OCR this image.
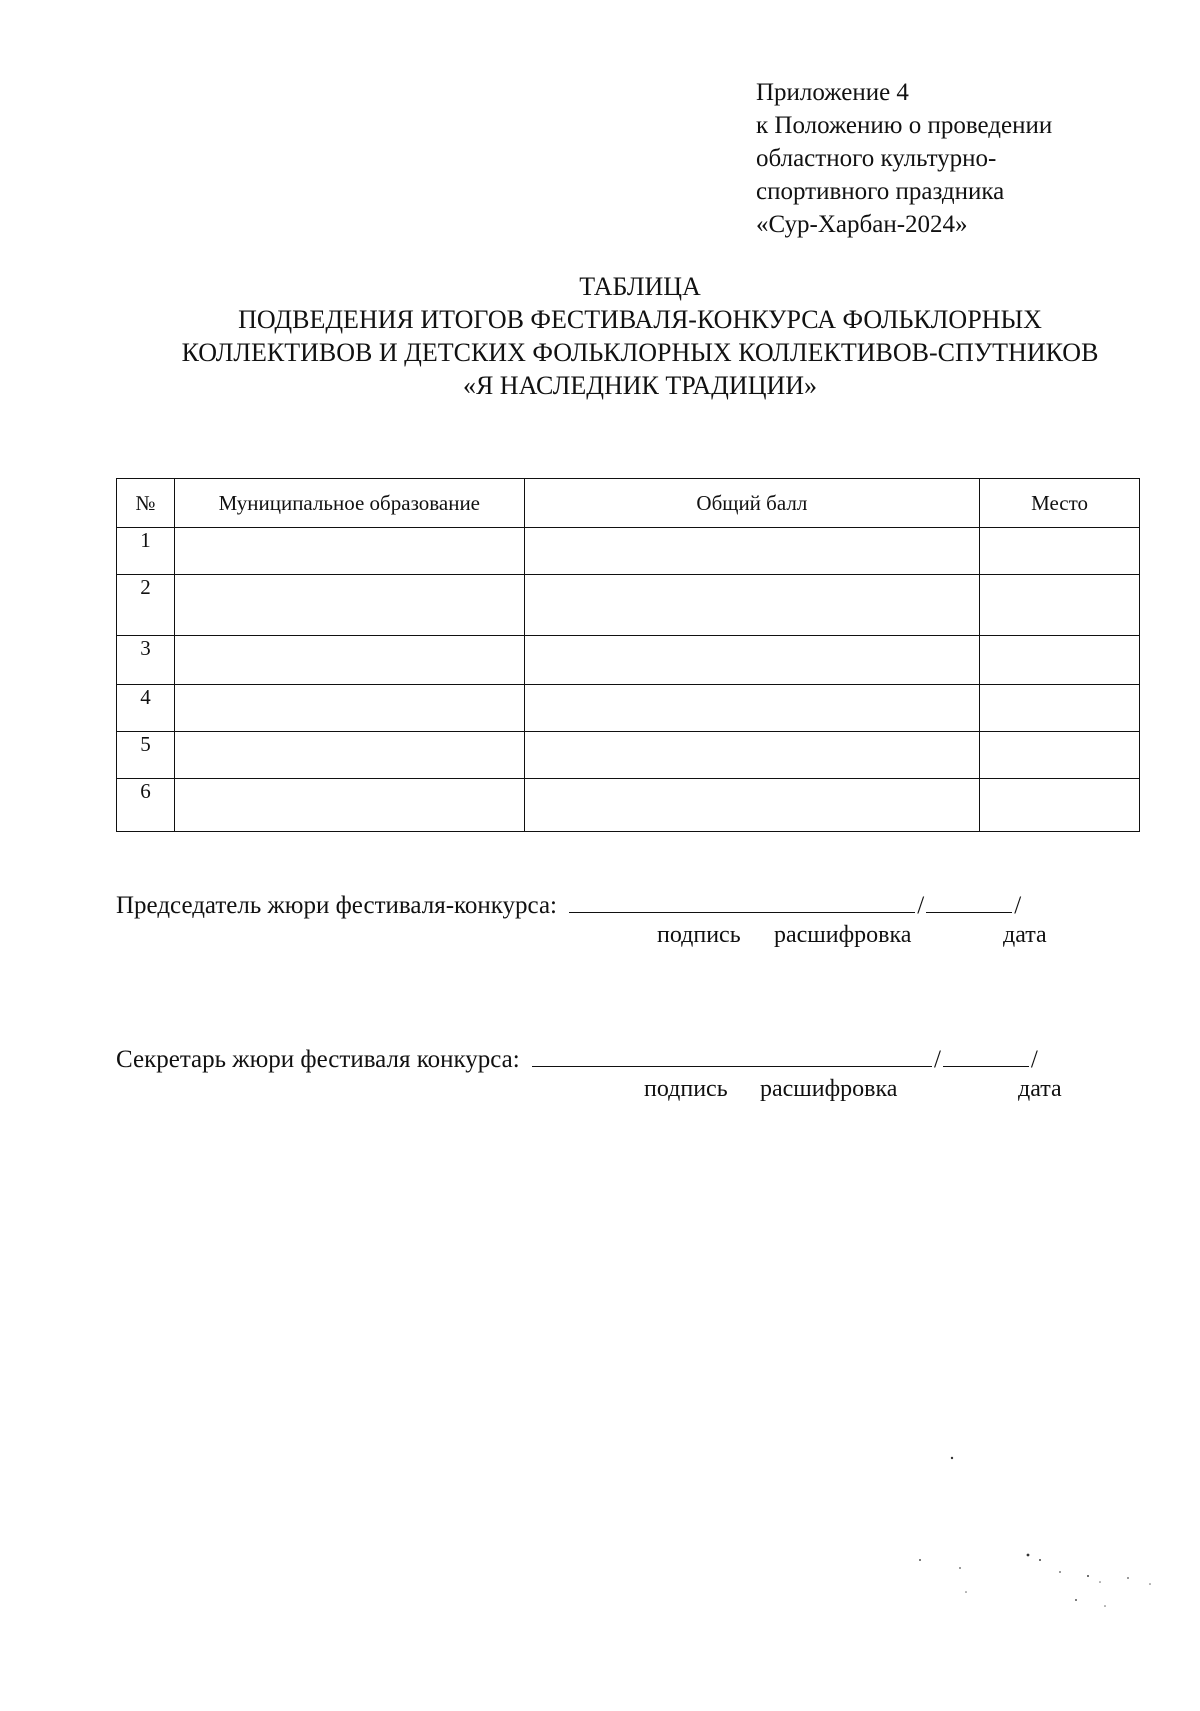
Приложение 4
к Положению о проведении
областного культурно-
спортивного праздника
«Сур-Харбан-2024»
ТАБЛИЦА
ПОДВЕДЕНИЯ ИТОГОВ ФЕСТИВАЛЯ-КОНКУРСА ФОЛЬКЛОРНЫХ
КОЛЛЕКТИВОВ И ДЕТСКИХ ФОЛЬКЛОРНЫХ КОЛЛЕКТИВОВ-СПУТНИКОВ
«Я НАСЛЕДНИК ТРАДИЦИИ»
№	Муниципальное образование	Общий балл	Место
1			
2			
3			
4			
5			
6			
Председатель жюри фестиваля-конкурса:	/	/
подпись расшифровка	дата
Секретарь жюри фестиваля конкурса:	/	/
подпись расшифровка	дата
